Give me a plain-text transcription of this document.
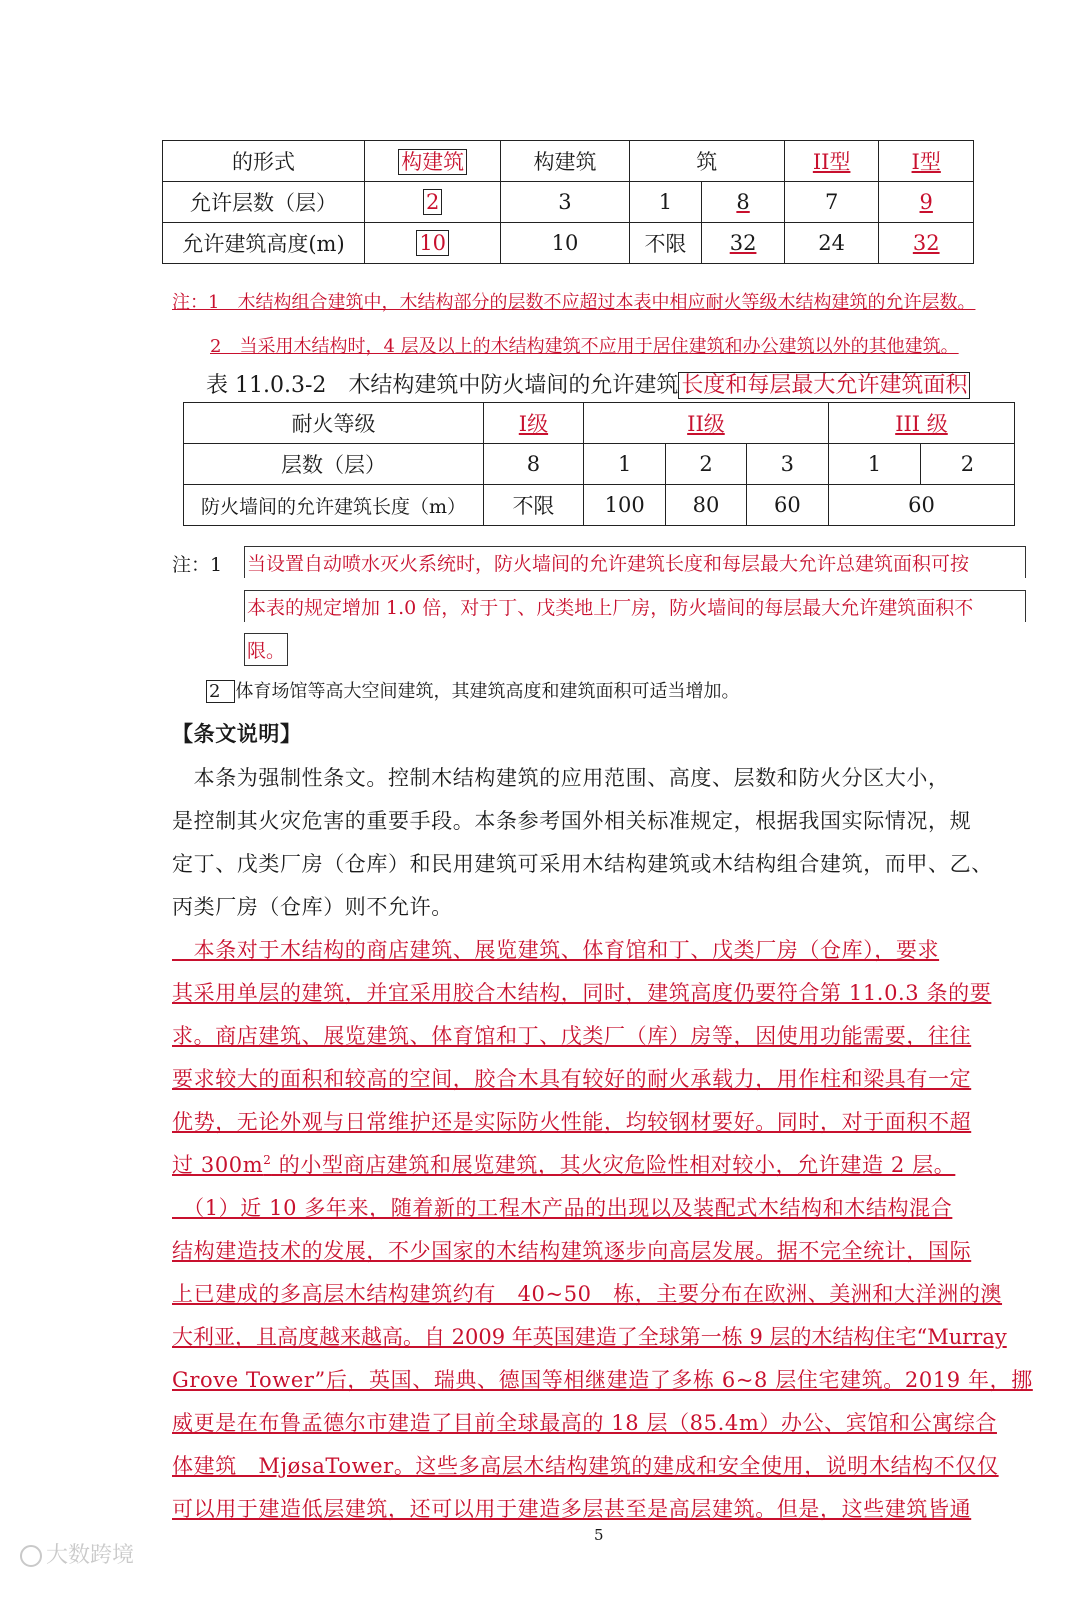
的形式	构建筑	构建筑	筑		II型	I型
允许层数（层）	2	3	1	8	7	9
允许建筑高度(m)	10	10	不限	32	24	32
注：1　木结构组合建筑中，木结构部分的层数不应超过本表中相应耐火等级木结构建筑的允许层数。
2　当采用木结构时，4 层及以上的木结构建筑不应用于居住建筑和办公建筑以外的其他建筑。
表 11.0.3-2　木结构建筑中防火墙间的允许建筑 长度和每层最大允许建筑面积
耐火等级	I级	II级			III 级	
层数（层）	8	1	2	3	1	2
防火墙间的允许建筑长度（m）	不限	100	80	60	60	
注：1 当设置自动喷水灭火系统时，防火墙间的允许建筑长度和每层最大允许总建筑面积可按
本表的规定增加 1.0 倍，对于丁、戊类地上厂房，防火墙间的每层最大允许建筑面积不
限。
2 体育场馆等高大空间建筑，其建筑高度和建筑面积可适当增加。
【条文说明】
　本条为强制性条文。控制木结构建筑的应用范围、高度、层数和防火分区大小，
是控制其火灾危害的重要手段。本条参考国外相关标准规定，根据我国实际情况，规
定丁、戊类厂房（仓库）和民用建筑可采用木结构建筑或木结构组合建筑，而甲、乙、
丙类厂房（仓库）则不允许。
　本条对于木结构的商店建筑、展览建筑、体育馆和丁、戊类厂房（仓库），要求
其采用单层的建筑，并宜采用胶合木结构，同时，建筑高度仍要符合第 11.0.3 条的要
求。商店建筑、展览建筑、体育馆和丁、戊类厂（库）房等，因使用功能需要，往往
要求较大的面积和较高的空间，胶合木具有较好的耐火承载力，用作柱和梁具有一定
优势，无论外观与日常维护还是实际防火性能，均较钢材要好。同时，对于面积不超
过 $300m^2$ 的小型商店建筑和展览建筑，其火灾危险性相对较小，允许建造 2 层。
　（1）近 10 多年来，随着新的工程木产品的出现以及装配式木结构和木结构混合
结构建造技术的发展，不少国家的木结构建筑逐步向高层发展。据不完全统计，国际
上已建成的多高层木结构建筑约有　40~50　栋，主要分布在欧洲、美洲和大洋洲的澳
大利亚，且高度越来越高。自 2009 年英国建造了全球第一栋 9 层的木结构住宅“Murray
Grove Tower”后，英国、瑞典、德国等相继建造了多栋 6~8 层住宅建筑。2019 年，挪
威更是在布鲁孟德尔市建造了目前全球最高的 18 层（85.4m）办公、宾馆和公寓综合
体建筑　MjøsaTower。这些多高层木结构建筑的建成和安全使用，说明木结构不仅仅
可以用于建造低层建筑，还可以用于建造多层甚至是高层建筑。但是，这些建筑皆通
5
大数跨境
